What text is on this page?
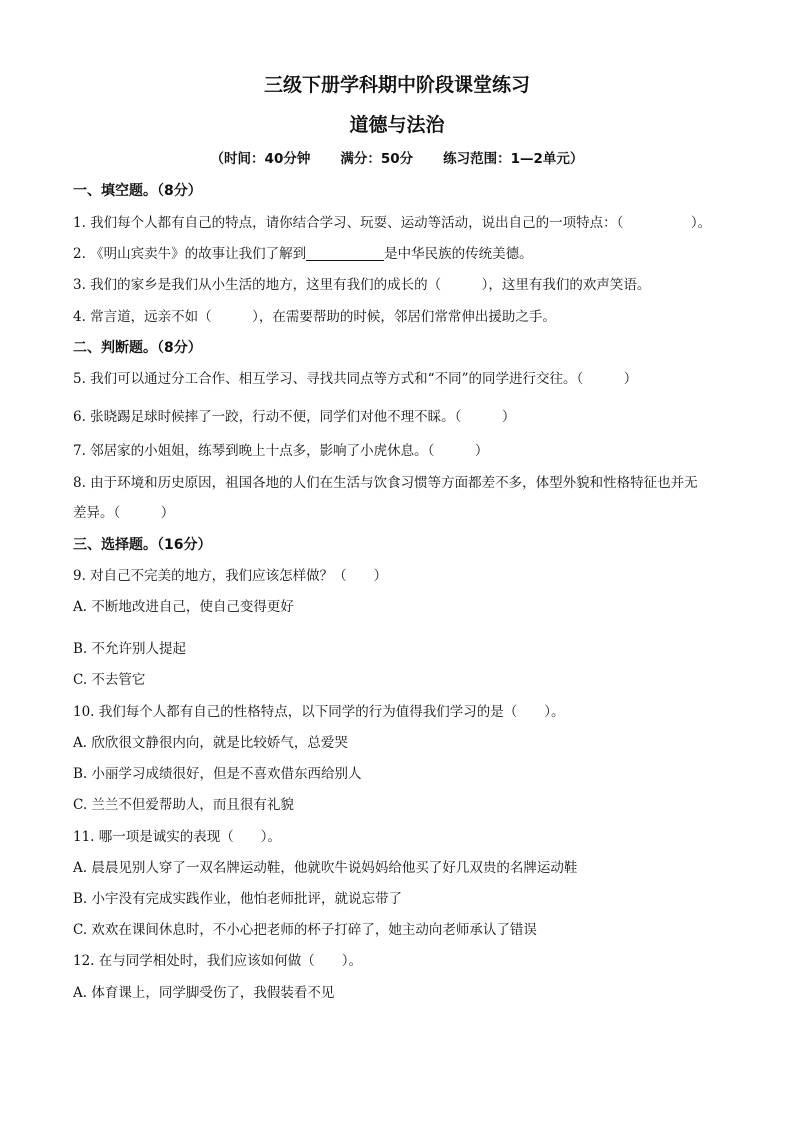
三级下册学科期中阶段课堂练习
道德与法治
（时间：40分钟 满分：50分 练习范围：1—2单元）
一、填空题。（8分）
1. 我们每个人都有自己的特点，请你结合学习、玩耍、运动等活动，说出自己的一项特点：（　　　　　）。
2. 《明山宾卖牛》的故事让我们了解到	是中华民族的传统美德。
3. 我们的家乡是我们从小生活的地方，这里有我们的成长的（　　　），这里有我们的欢声笑语。
4. 常言道，远亲不如（　　　），在需要帮助的时候，邻居们常常伸出援助之手。
二、判断题。（8分）
5. 我们可以通过分工合作、相互学习、寻找共同点等方式和“不同”的同学进行交往。（　　　）
6. 张晓踢足球时候摔了一跤，行动不便，同学们对他不理不睬。（　　　）
7. 邻居家的小姐姐，练琴到晚上十点多，影响了小虎休息。（　　　）
8. 由于环境和历史原因，祖国各地的人们在生活与饮食习惯等方面都差不多，体型外貌和性格特征也并无
差异。（　　　）
三、选择题。（16分）
9. 对自己不完美的地方，我们应该怎样做？（　　）
A. 不断地改进自己，使自己变得更好
B. 不允许别人提起
C. 不去管它
10. 我们每个人都有自己的性格特点，以下同学的行为值得我们学习的是（　　）。
A. 欣欣很文静很内向，就是比较娇气，总爱哭
B. 小丽学习成绩很好，但是不喜欢借东西给别人
C. 兰兰不但爱帮助人，而且很有礼貌
11. 哪一项是诚实的表现（　　）。
A. 晨晨见别人穿了一双名牌运动鞋，他就吹牛说妈妈给他买了好几双贵的名牌运动鞋
B. 小宇没有完成实践作业，他怕老师批评，就说忘带了
C. 欢欢在课间休息时，不小心把老师的杯子打碎了，她主动向老师承认了错误
12. 在与同学相处时，我们应该如何做（　　）。
A. 体育课上，同学脚受伤了，我假装看不见
